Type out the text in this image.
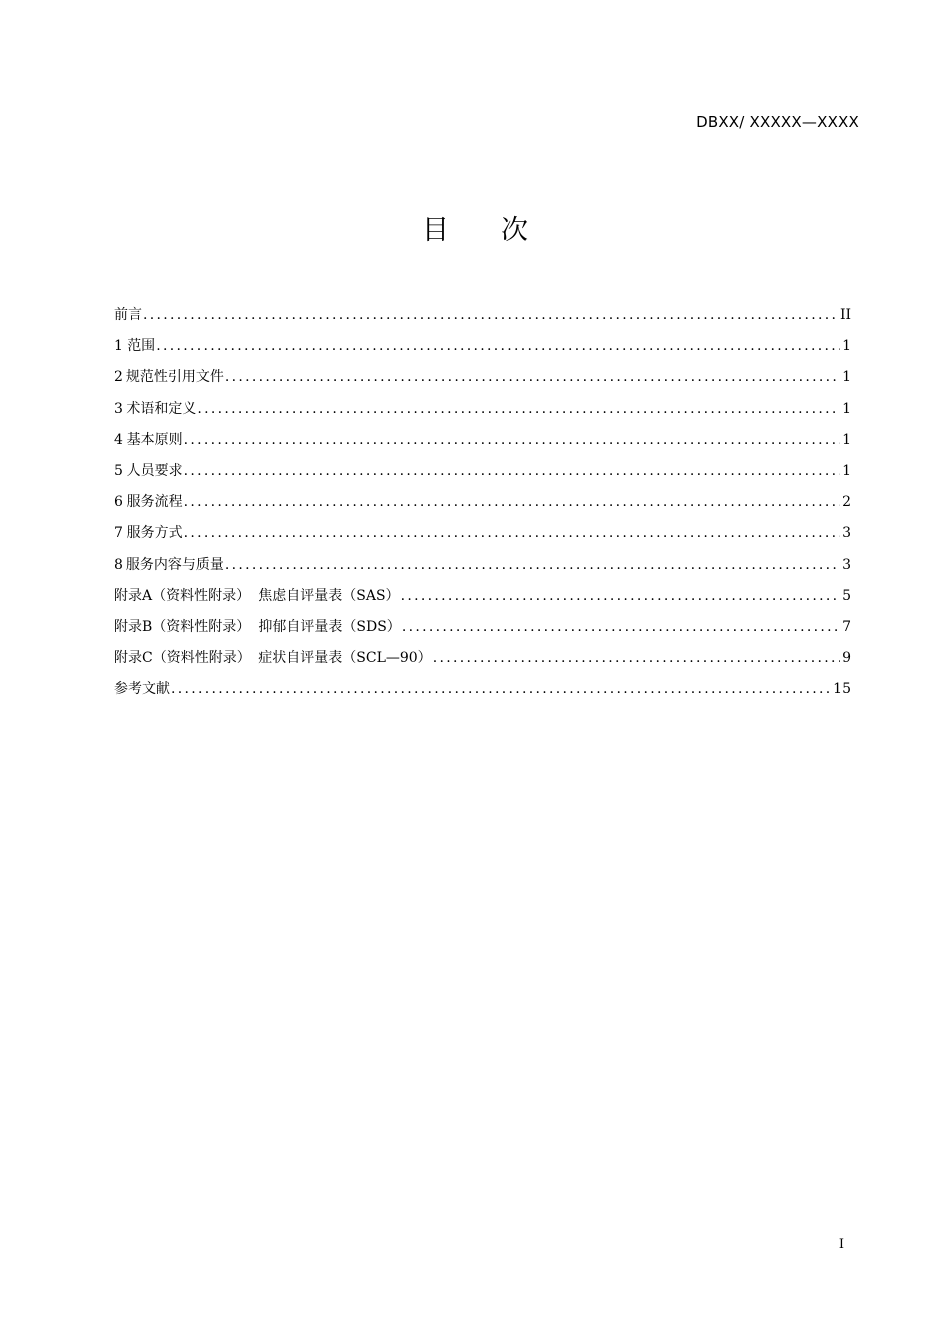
DBXX/ XXXXX—XXXX
目 次
前言 .....	II
1 范围 .....	1
2 规范性引用文件 .....	1
3 术语和定义 .....	1
4 基本原则 .....	1
5 人员要求 .....	1
6 服务流程 .....	2
7 服务方式 .....	3
8 服务内容与质量 .....	3
附录A（资料性附录） 焦虑自评量表（SAS） .....	5
附录B（资料性附录） 抑郁自评量表（SDS） .....	7
附录C（资料性附录） 症状自评量表（SCL—90） .....	9
参考文献 .....	15
I
